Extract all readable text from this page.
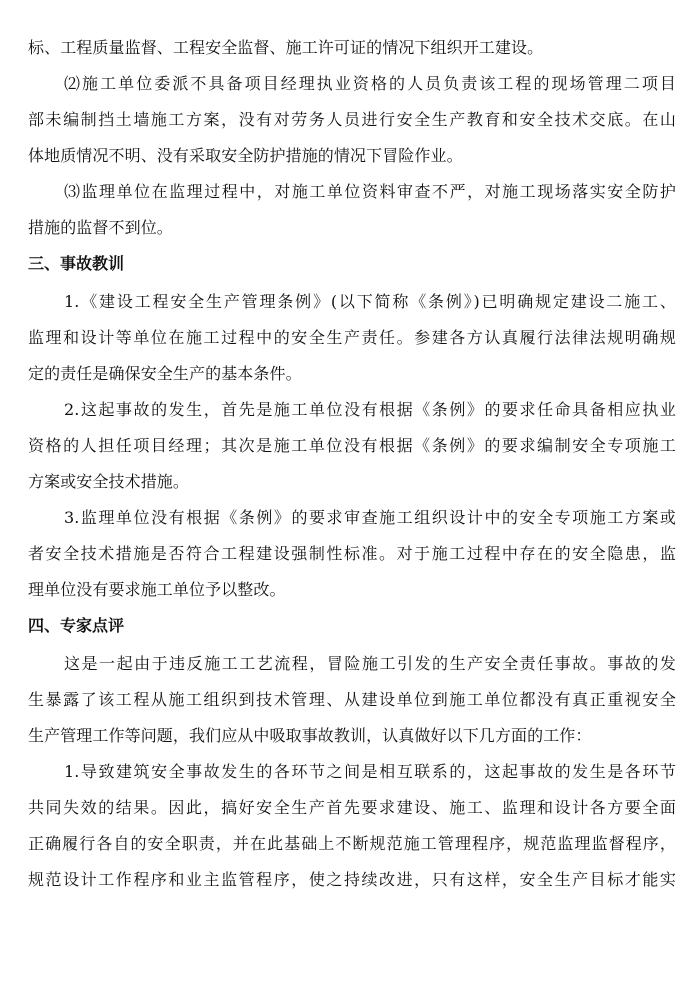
标、工程质量监督、工程安全监督、施工许可证的情况下组织开工建设。
⑵施工单位委派不具备项目经理执业资格的人员负责该工程的现场管理二项目
部未编制挡土墙施工方案，没有对劳务人员进行安全生产教育和安全技术交底。在山
体地质情况不明、没有采取安全防护措施的情况下冒险作业。
⑶监理单位在监理过程中，对施工单位资料审查不严，对施工现场落实安全防护
措施的监督不到位。
三、事故教训
1.《建设工程安全生产管理条例》(以下简称《条例》)已明确规定建设二施工、
监理和设计等单位在施工过程中的安全生产责任。参建各方认真履行法律法规明确规
定的责任是确保安全生产的基本条件。
2.这起事故的发生，首先是施工单位没有根据《条例》的要求任命具备相应执业
资格的人担任项目经理；其次是施工单位没有根据《条例》的要求编制安全专项施工
方案或安全技术措施。
3.监理单位没有根据《条例》的要求审查施工组织设计中的安全专项施工方案或
者安全技术措施是否符合工程建设强制性标准。对于施工过程中存在的安全隐患，监
理单位没有要求施工单位予以整改。
四、专家点评
这是一起由于违反施工工艺流程，冒险施工引发的生产安全责任事故。事故的发
生暴露了该工程从施工组织到技术管理、从建设单位到施工单位都没有真正重视安全
生产管理工作等问题，我们应从中吸取事故教训，认真做好以下几方面的工作：
1.导致建筑安全事故发生的各环节之间是相互联系的，这起事故的发生是各环节
共同失效的结果。因此，搞好安全生产首先要求建设、施工、监理和设计各方要全面
正确履行各自的安全职责，并在此基础上不断规范施工管理程序，规范监理监督程序，
规范设计工作程序和业主监管程序，使之持续改进，只有这样，安全生产目标才能实
